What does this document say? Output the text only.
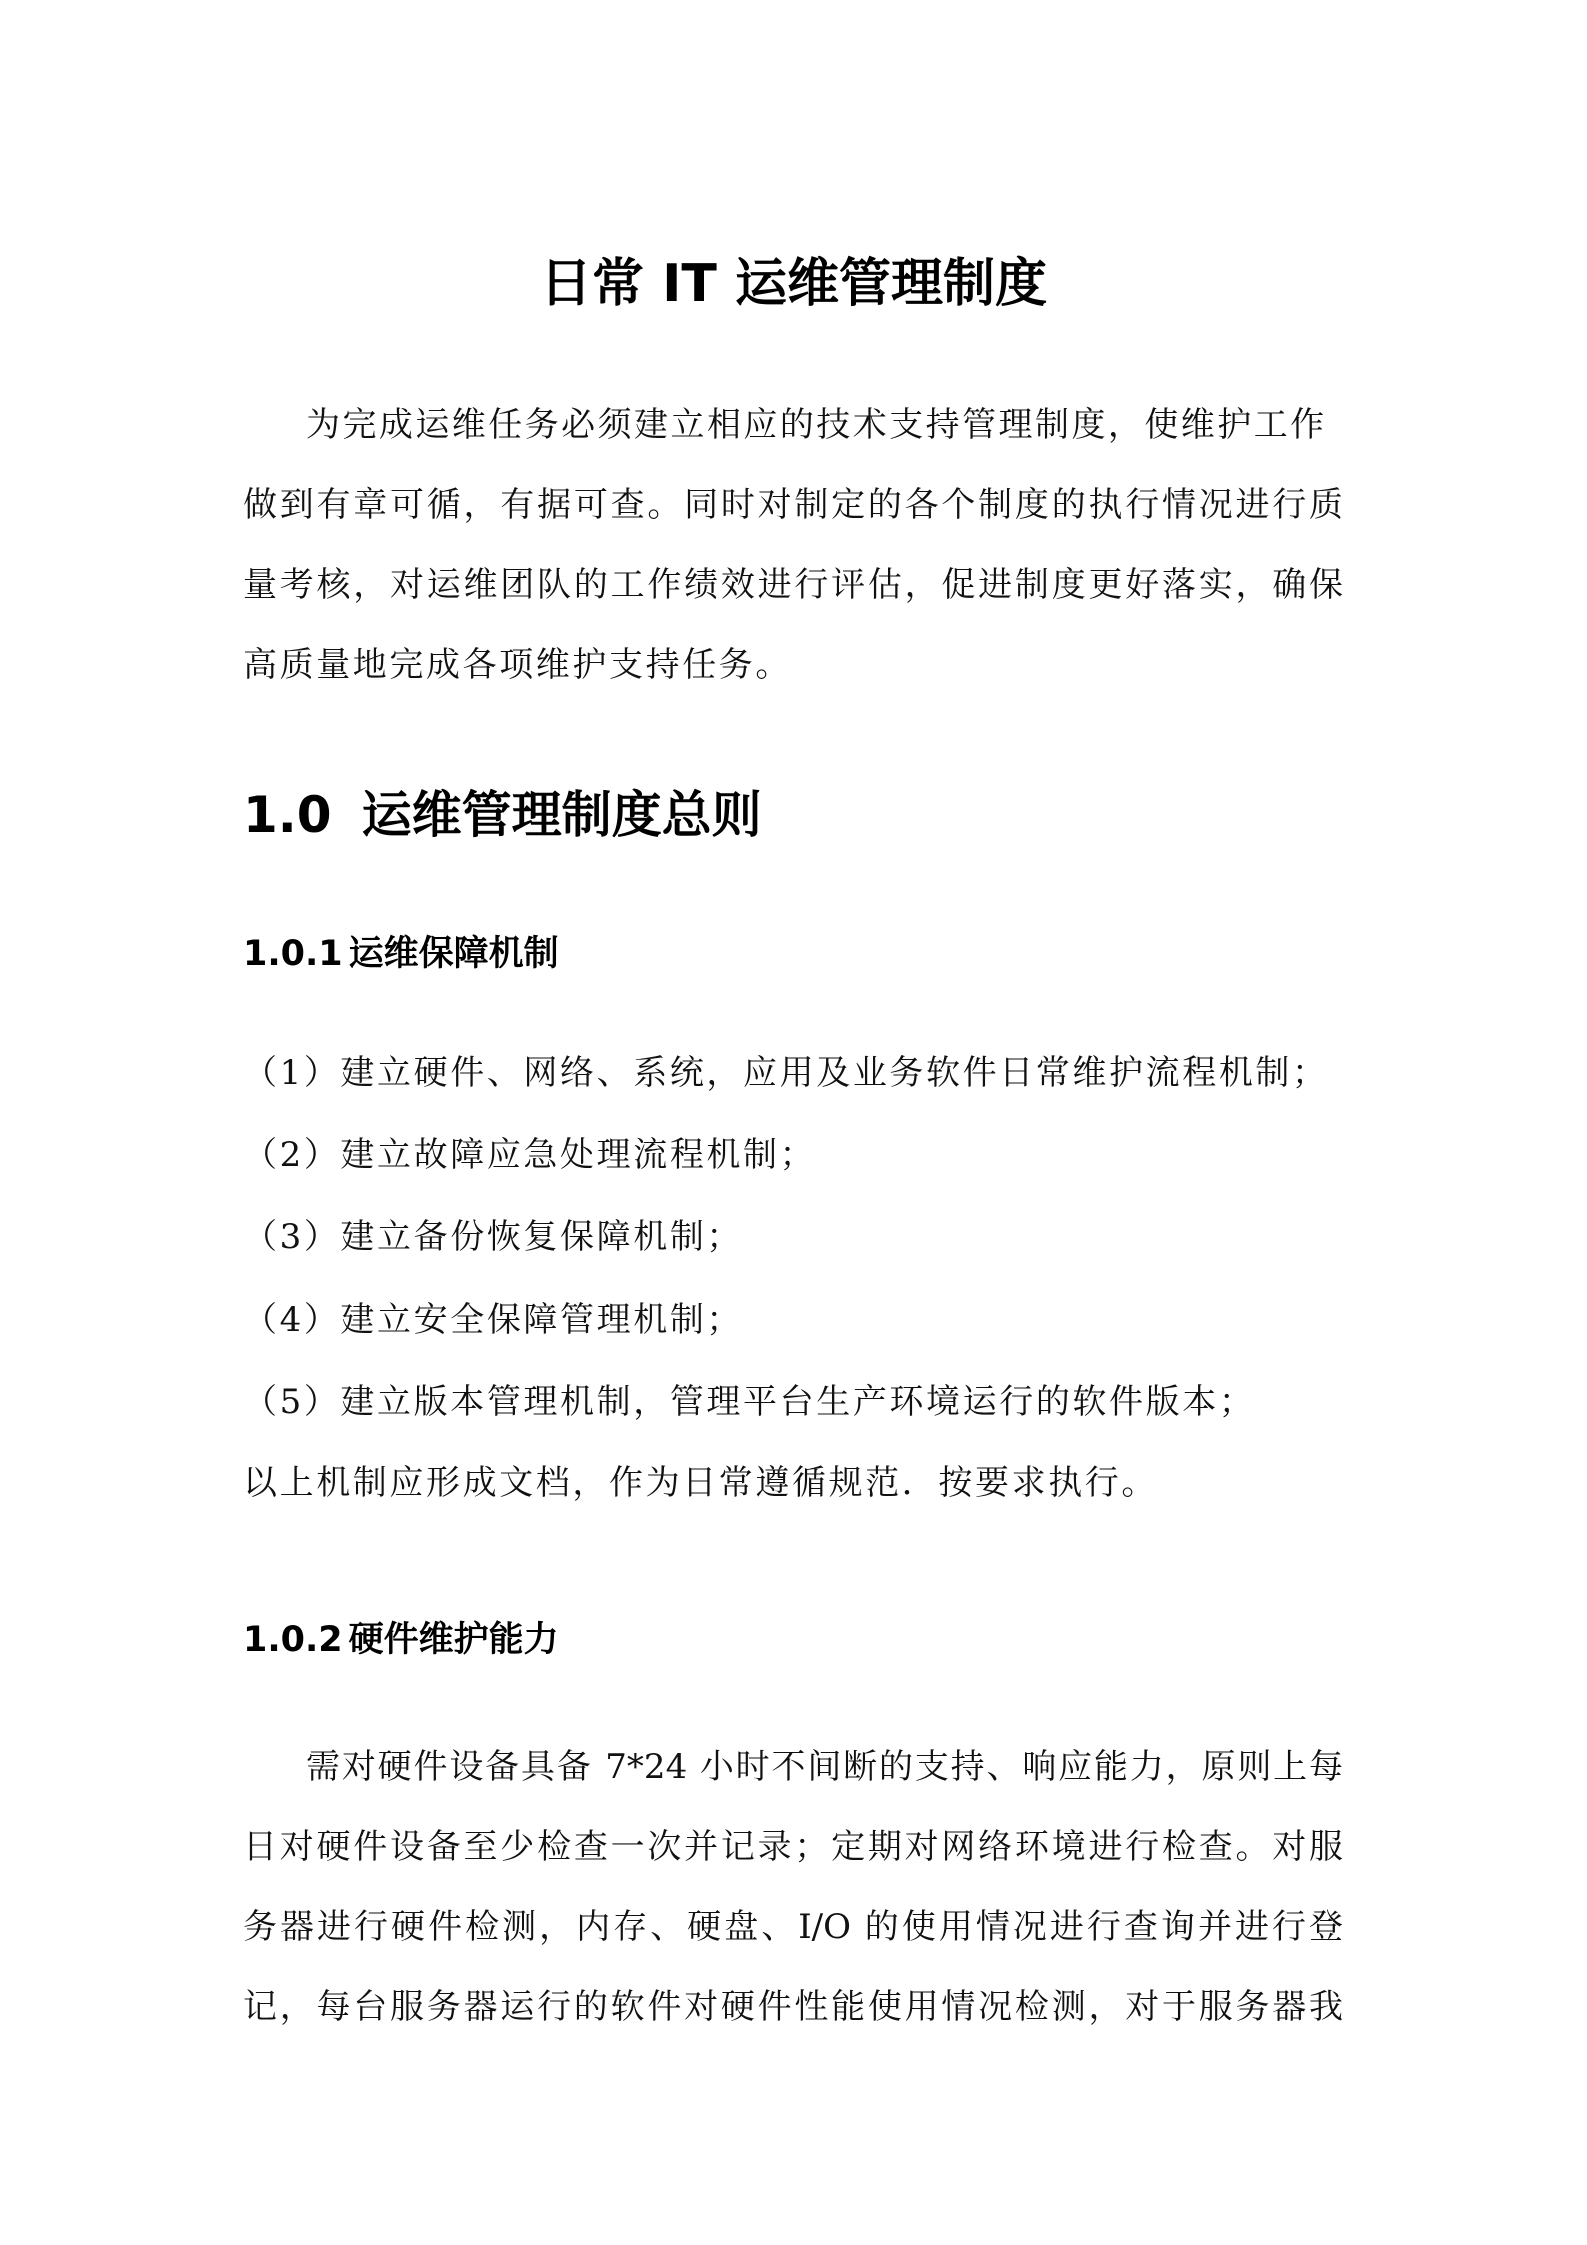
日常 IT 运维管理制度
为完成运维任务必须建立相应的技术支持管理制度，使维护工作
做到有章可循，有据可查。同时对制定的各个制度的执行情况进行质
量考核，对运维团队的工作绩效进行评估，促进制度更好落实，确保
高质量地完成各项维护支持任务。
1.0 运维管理制度总则
1.0.1 运维保障机制
（1）建立硬件、网络、系统，应用及业务软件日常维护流程机制；
（2）建立故障应急处理流程机制；
（3）建立备份恢复保障机制；
（4）建立安全保障管理机制；
（5）建立版本管理机制，管理平台生产环境运行的软件版本；
以上机制应形成文档，作为日常遵循规范．按要求执行。
1.0.2 硬件维护能力
需对硬件设备具备 7*24 小时不间断的支持、响应能力，原则上每
日对硬件设备至少检查一次并记录；定期对网络环境进行检查。对服
务器进行硬件检测，内存、硬盘、I/O 的使用情况进行查询并进行登
记，每台服务器运行的软件对硬件性能使用情况检测，对于服务器我
